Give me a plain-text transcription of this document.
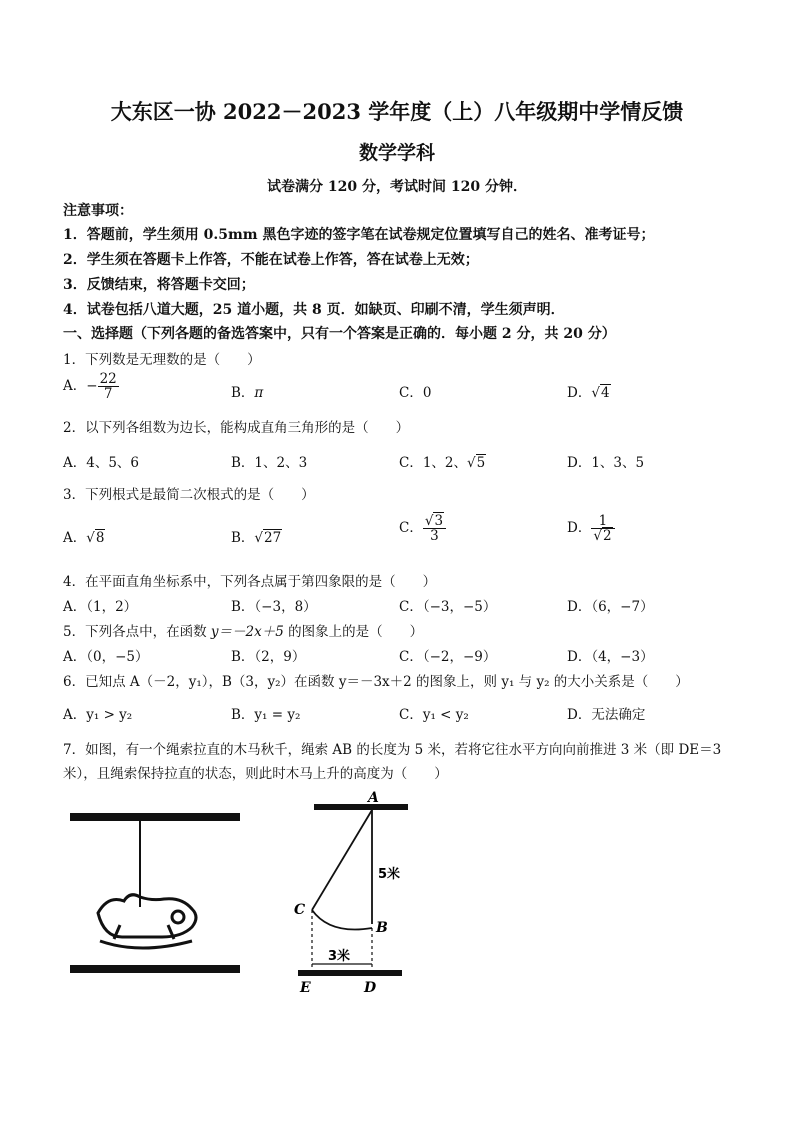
大东区一协 2022－2023 学年度（上）八年级期中学情反馈
数学学科
试卷满分 120 分，考试时间 120 分钟．
注意事项：
1．答题前，学生须用 0.5mm 黑色字迹的签字笔在试卷规定位置填写自己的姓名、准考证号；
2．学生须在答题卡上作答，不能在试卷上作答，答在试卷上无效；
3．反馈结束，将答题卡交回；
4．试卷包括八道大题，25 道小题，共 8 页．如缺页、印刷不清，学生须声明．
一、选择题（下列各题的备选答案中，只有一个答案是正确的．每小题 2 分，共 20 分）
1．下列数是无理数的是（　　）
A．− $\frac{22}{7}$	B．π	C．0	D．√4
2．以下列各组数为边长，能构成直角三角形的是（　　）
A．4、5、6	B．1、2、3	C．1、2、√5	D．1、3、5
3．下列根式是最简二次根式的是（　　）
A．√8	B．√27
C． $\frac{√3}{3}$	D． $\frac{1}{√2}$
4．在平面直角坐标系中，下列各点属于第四象限的是（　　）
A．（1，2）	B．（−3，8）	C．（−3，−5）	D．（6，−7）
5．下列各点中，在函数 y＝－2x＋5 的图象上的是（　　）
A．（0，−5）	B．（2，9）	C．（−2，−9）	D．（4，−3）
6．已知点 A（－2，y₁），B（3，y₂）在函数 y＝－3x＋2 的图象上，则 y₁ 与 y₂ 的大小关系是（　　）
A．y₁ > y₂	B．y₁ = y₂	C．y₁ < y₂	D．无法确定
7．如图，有一个绳索拉直的木马秋千，绳索 AB 的长度为 5 米，若将它往水平方向向前推进 3 米（即 DE＝3
米），且绳索保持拉直的状态，则此时木马上升的高度为（　　）
A
B
C
D
E
5米
3米
